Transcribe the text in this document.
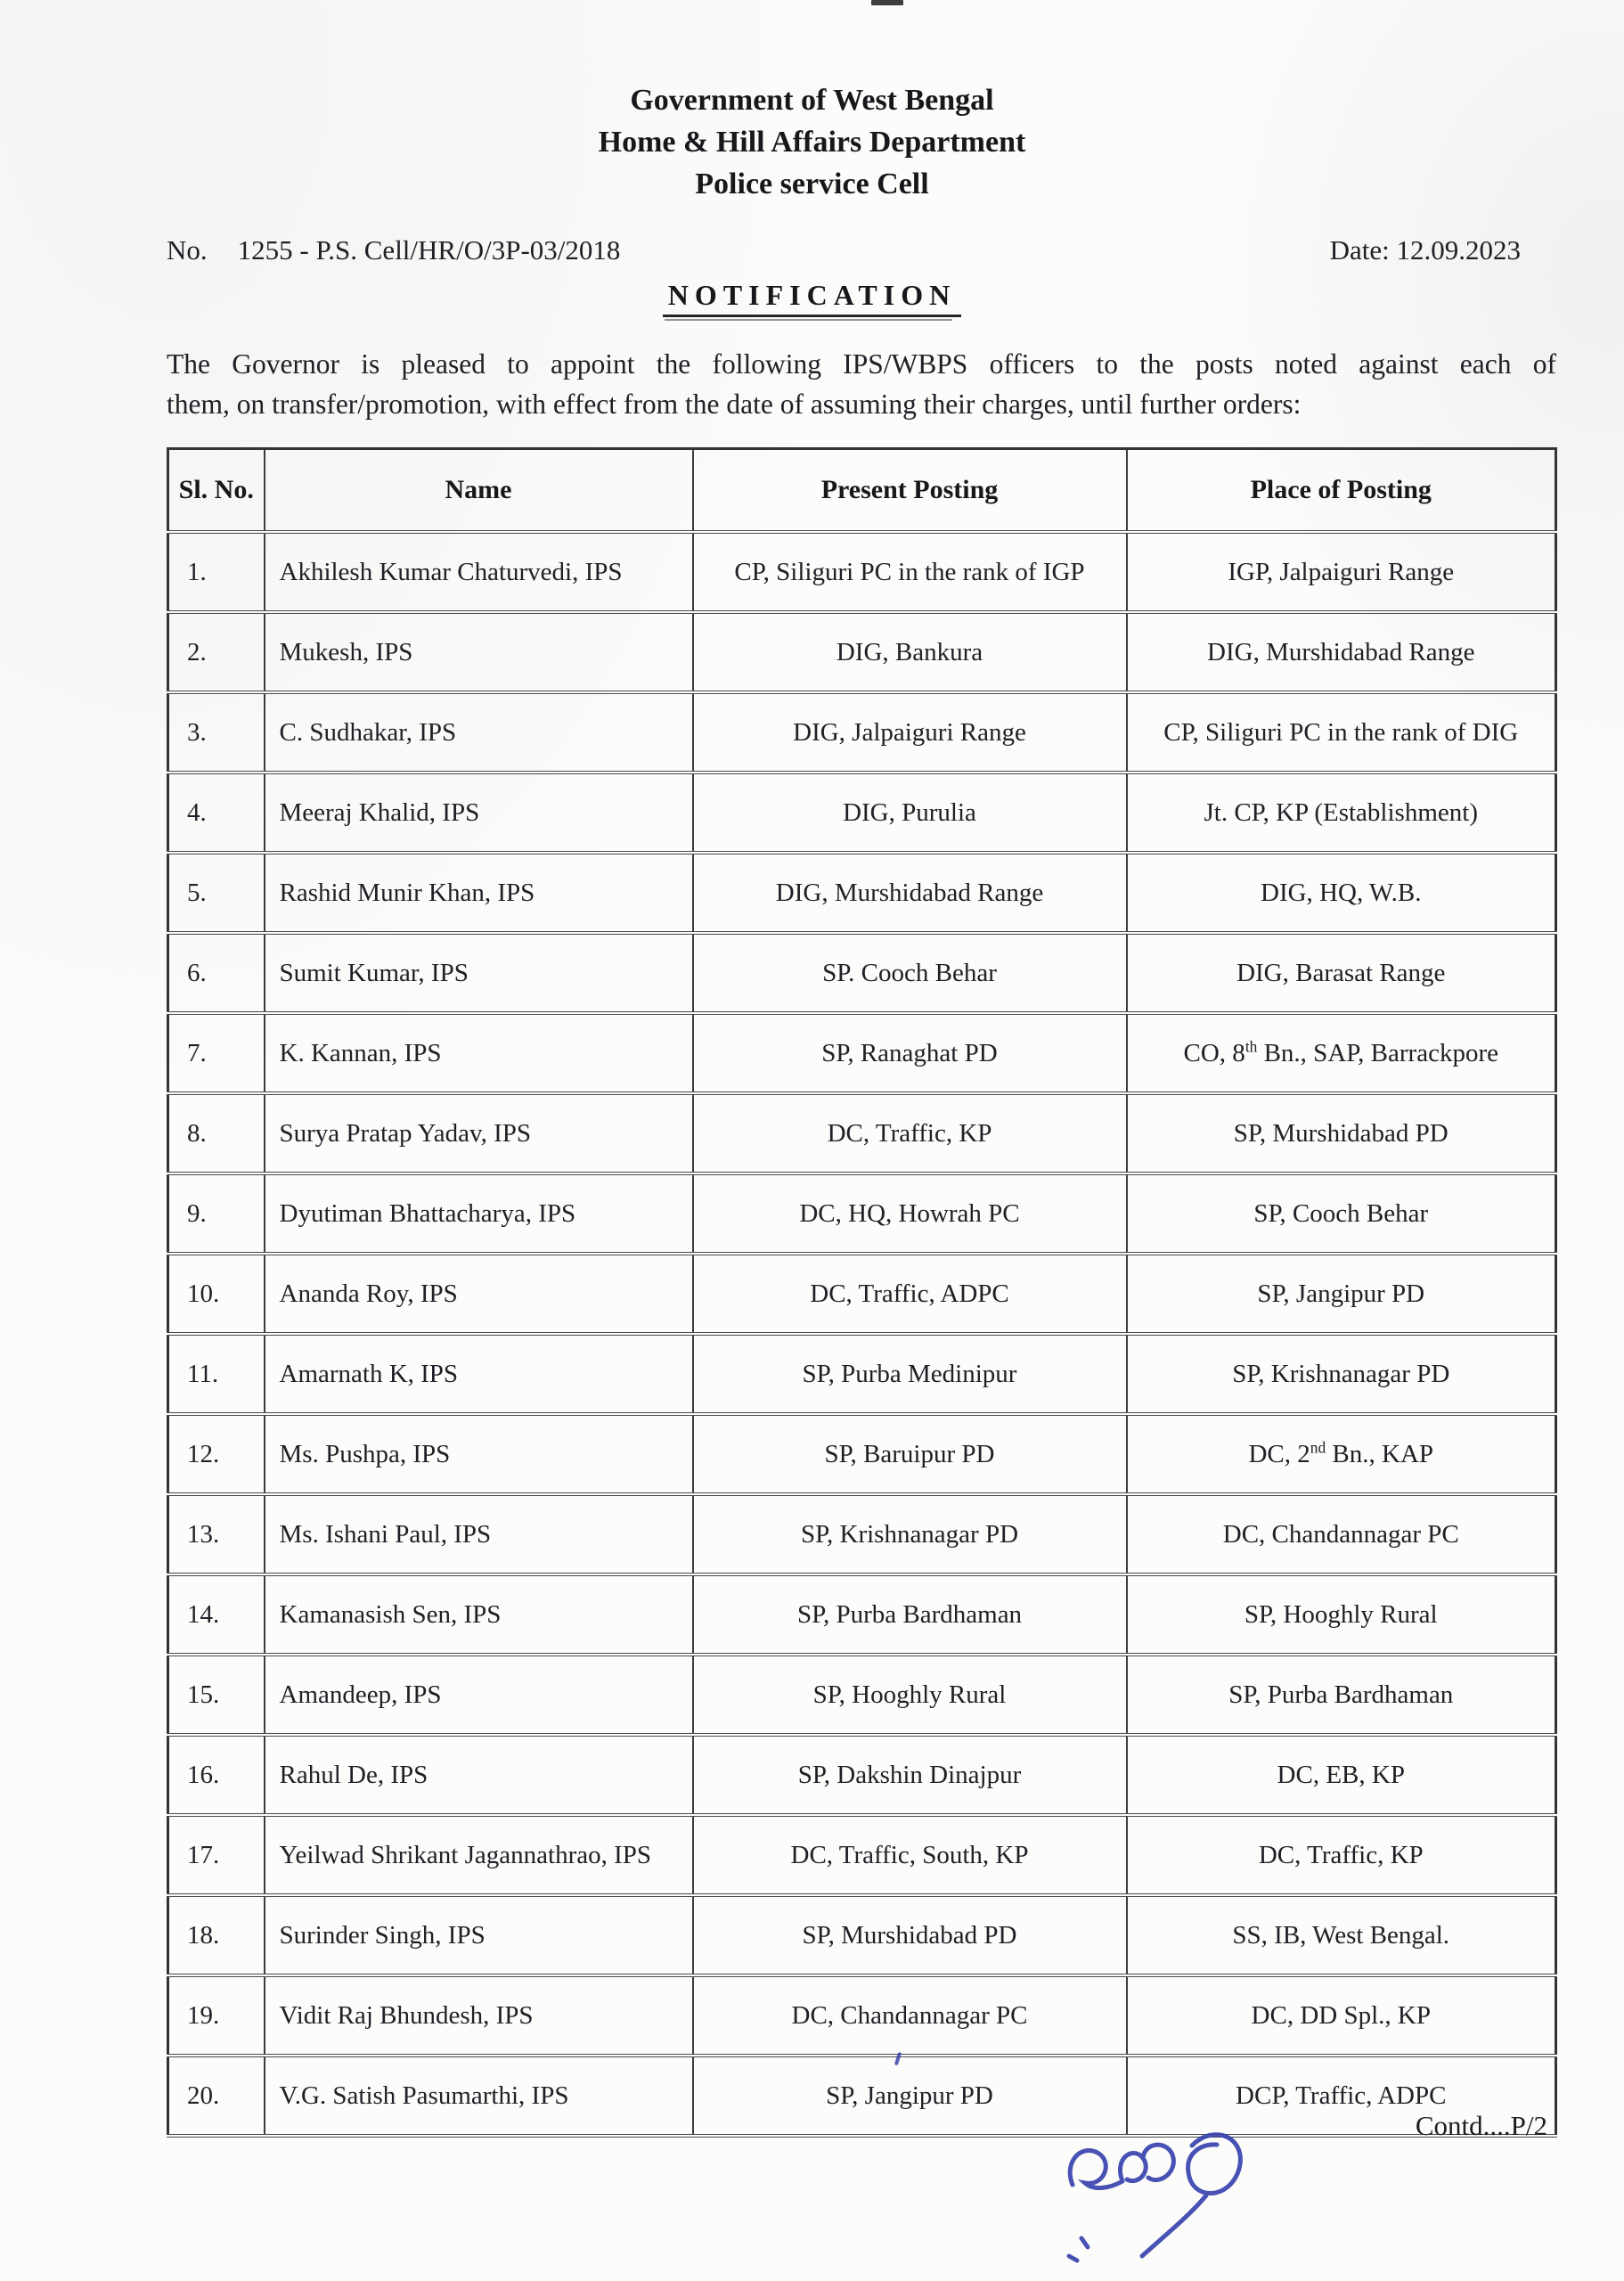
Government of West Bengal
Home & Hill Affairs Department
Police service Cell
No. 1255 - P.S. Cell/HR/O/3P-03/2018	Date: 12.09.2023
NOTIFICATION
The Governor is pleased to appoint the following IPS/WBPS officers to the posts noted against each of
them, on transfer/promotion, with effect from the date of assuming their charges, until further orders:
Sl. No.	Name	Present Posting	Place of Posting
1.	Akhilesh Kumar Chaturvedi, IPS	CP, Siliguri PC in the rank of IGP	IGP, Jalpaiguri Range
2.	Mukesh, IPS	DIG, Bankura	DIG, Murshidabad Range
3.	C. Sudhakar, IPS	DIG, Jalpaiguri Range	CP, Siliguri PC in the rank of DIG
4.	Meeraj Khalid, IPS	DIG, Purulia	Jt. CP, KP (Establishment)
5.	Rashid Munir Khan, IPS	DIG, Murshidabad Range	DIG, HQ, W.B.
6.	Sumit Kumar, IPS	SP. Cooch Behar	DIG, Barasat Range
7.	K. Kannan, IPS	SP, Ranaghat PD	CO, 8th Bn., SAP, Barrackpore
8.	Surya Pratap Yadav, IPS	DC, Traffic, KP	SP, Murshidabad PD
9.	Dyutiman Bhattacharya, IPS	DC, HQ, Howrah PC	SP, Cooch Behar
10.	Ananda Roy, IPS	DC, Traffic, ADPC	SP, Jangipur PD
11.	Amarnath K, IPS	SP, Purba Medinipur	SP, Krishnanagar PD
12.	Ms. Pushpa, IPS	SP, Baruipur PD	DC, 2nd Bn., KAP
13.	Ms. Ishani Paul, IPS	SP, Krishnanagar PD	DC, Chandannagar PC
14.	Kamanasish Sen, IPS	SP, Purba Bardhaman	SP, Hooghly Rural
15.	Amandeep, IPS	SP, Hooghly Rural	SP, Purba Bardhaman
16.	Rahul De, IPS	SP, Dakshin Dinajpur	DC, EB, KP
17.	Yeilwad Shrikant Jagannathrao, IPS	DC, Traffic, South, KP	DC, Traffic, KP
18.	Surinder Singh, IPS	SP, Murshidabad PD	SS, IB, West Bengal.
19.	Vidit Raj Bhundesh, IPS	DC, Chandannagar PC	DC, DD Spl., KP
20.	V.G. Satish Pasumarthi, IPS	SP, Jangipur PD	DCP, Traffic, ADPC
Contd....P/2
